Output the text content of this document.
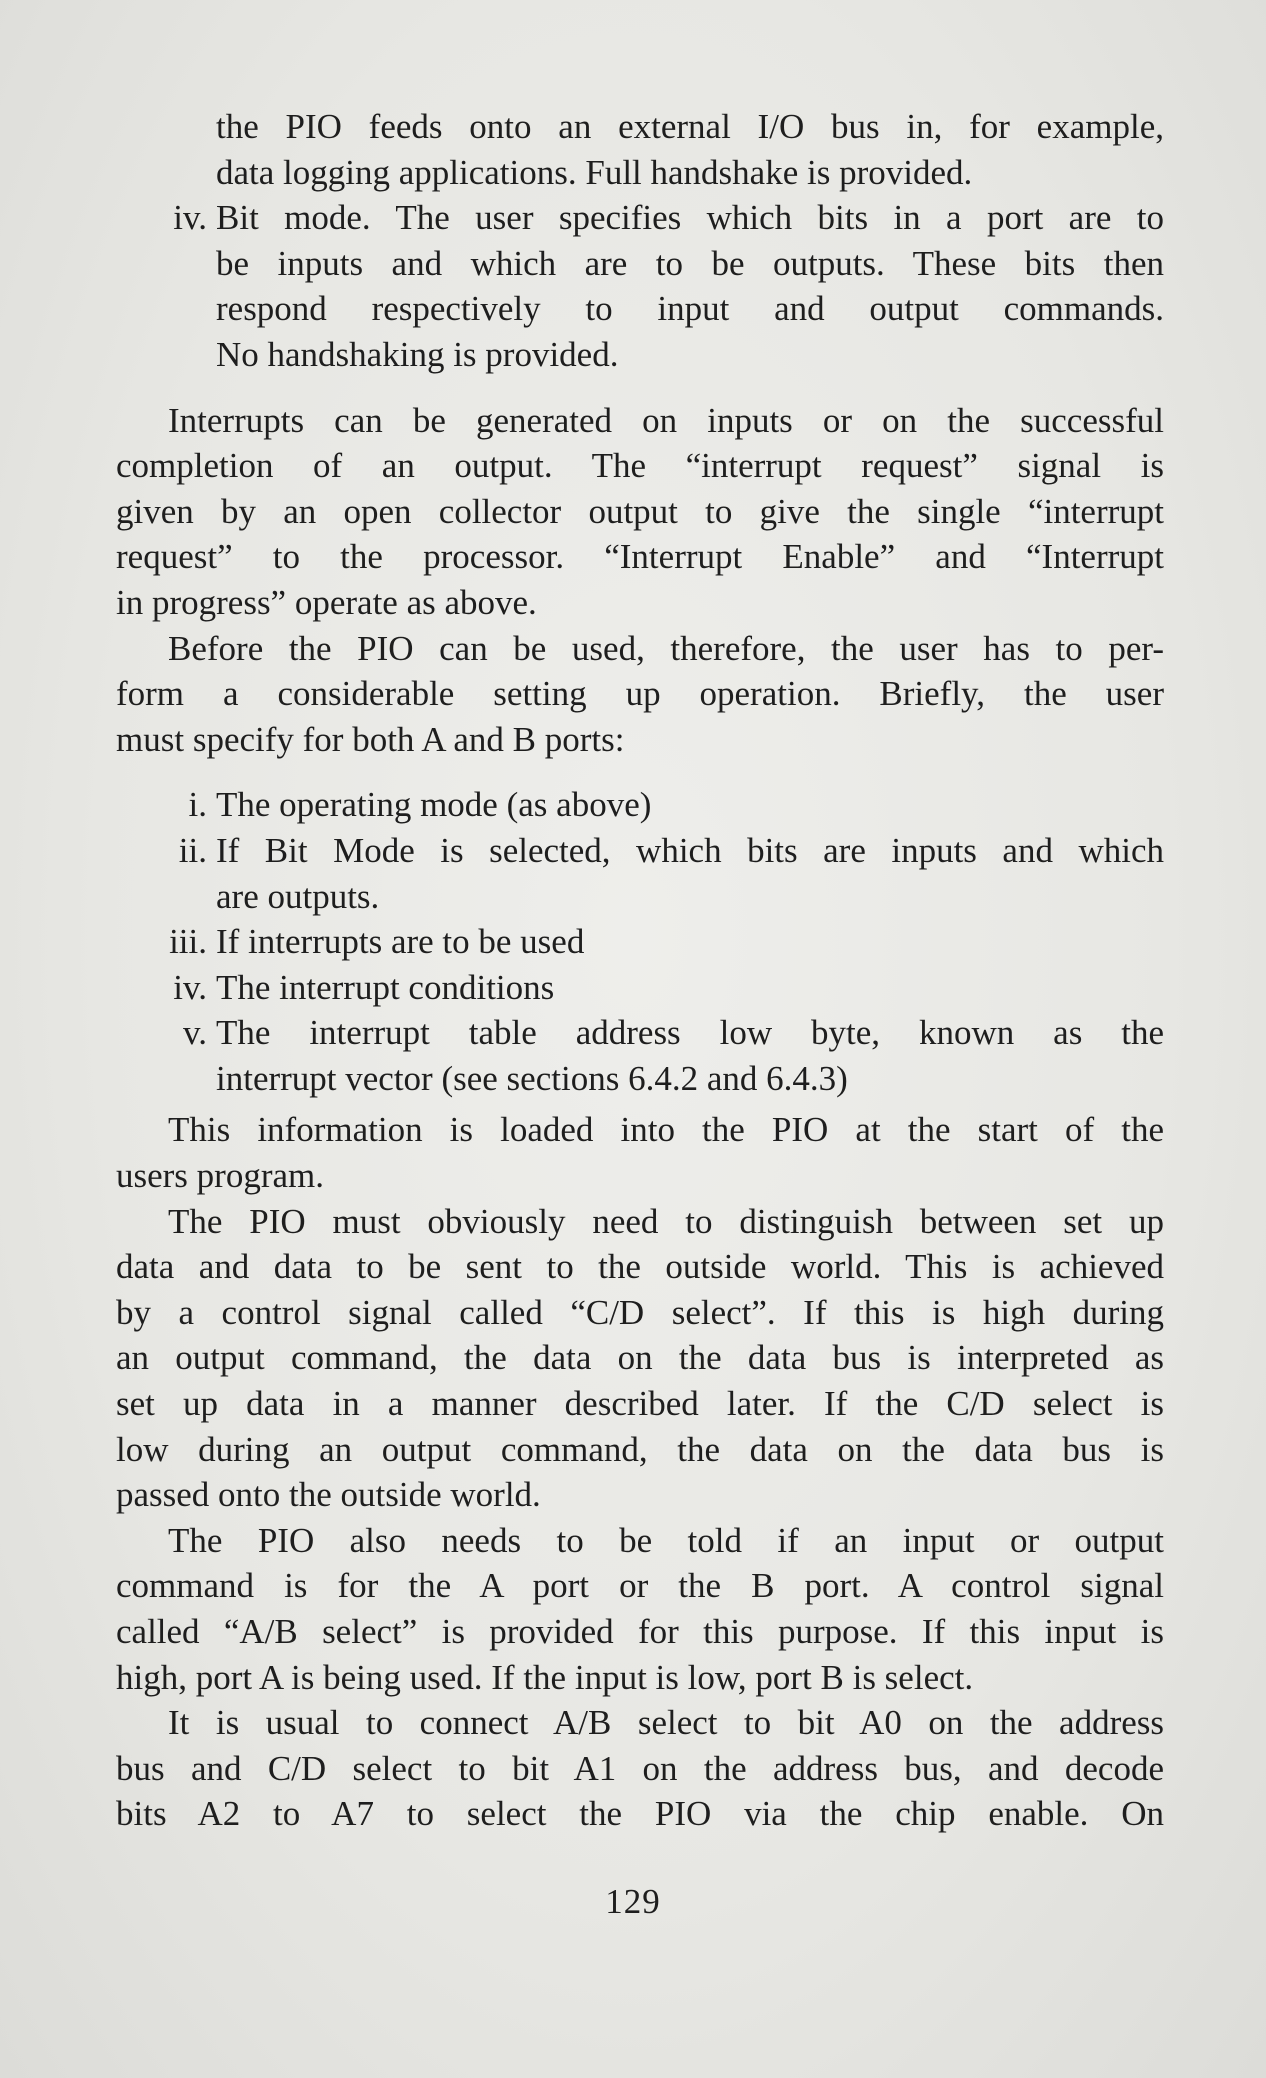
the PIO feeds onto an external I/O bus in, for example,
data logging applications. Full handshake is provided.
iv. Bit mode. The user specifies which bits in a port are to
be inputs and which are to be outputs. These bits then
respond respectively to input and output commands.
No handshaking is provided.
Interrupts can be generated on inputs or on the successful
completion of an output. The “interrupt request” signal is
given by an open collector output to give the single “interrupt
request” to the processor. “Interrupt Enable” and “Interrupt
in progress” operate as above.
Before the PIO can be used, therefore, the user has to per-
form a considerable setting up operation. Briefly, the user
must specify for both A and B ports:
i. The operating mode (as above)
ii. If Bit Mode is selected, which bits are inputs and which
are outputs.
iii. If interrupts are to be used
iv. The interrupt conditions
v. The interrupt table address low byte, known as the
interrupt vector (see sections 6.4.2 and 6.4.3)
This information is loaded into the PIO at the start of the
users program.
The PIO must obviously need to distinguish between set up
data and data to be sent to the outside world. This is achieved
by a control signal called “C/D select”. If this is high during
an output command, the data on the data bus is interpreted as
set up data in a manner described later. If the C/D select is
low during an output command, the data on the data bus is
passed onto the outside world.
The PIO also needs to be told if an input or output
command is for the A port or the B port. A control signal
called “A/B select” is provided for this purpose. If this input is
high, port A is being used. If the input is low, port B is select.
It is usual to connect A/B select to bit A0 on the address
bus and C/D select to bit A1 on the address bus, and decode
bits A2 to A7 to select the PIO via the chip enable. On
129
